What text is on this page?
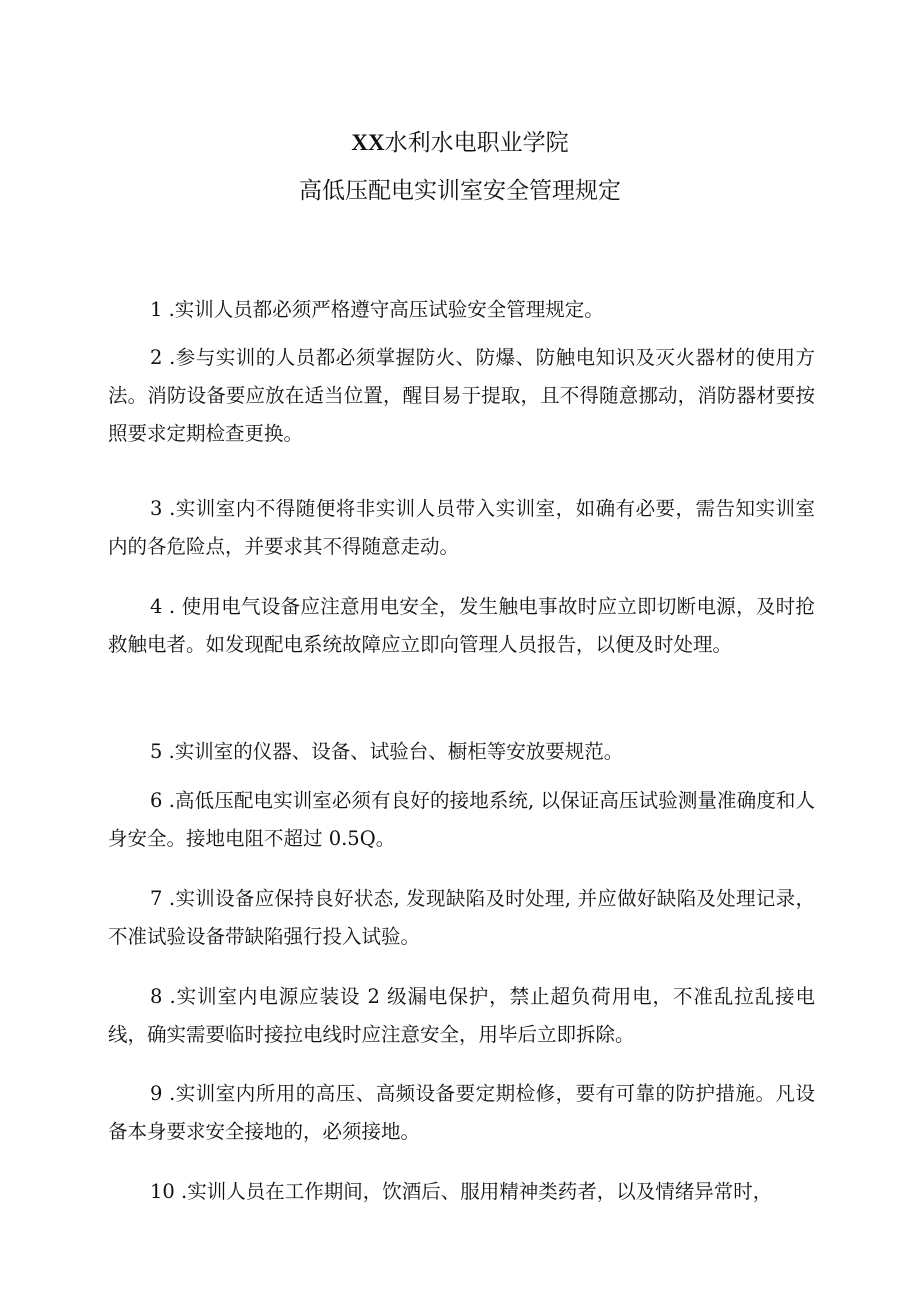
XX水利水电职业学院
高低压配电实训室安全管理规定

1 .实训人员都必须严格遵守高压试验安全管理规定。

2 .参与实训的人员都必须掌握防火、防爆、防触电知识及灭火器材的使用方法。消防设备要应放在适当位置，醒目易于提取，且不得随意挪动，消防器材要按照要求定期检查更换。

3 .实训室内不得随便将非实训人员带入实训室，如确有必要，需告知实训室内的各危险点，并要求其不得随意走动。

4 . 使用电气设备应注意用电安全，发生触电事故时应立即切断电源，及时抢救触电者。如发现配电系统故障应立即向管理人员报告，以便及时处理。

5 .实训室的仪器、设备、试验台、橱柜等安放要规范。

6 .高低压配电实训室必须有良好的接地系统, 以保证高压试验测量准确度和人身安全。接地电阻不超过 0.5Q。

7 .实训设备应保持良好状态, 发现缺陷及时处理, 并应做好缺陷及处理记录，不准试验设备带缺陷强行投入试验。

8 .实训室内电源应装设 2 级漏电保护，禁止超负荷用电，不准乱拉乱接电线，确实需要临时接拉电线时应注意安全，用毕后立即拆除。

9 .实训室内所用的高压、高频设备要定期检修，要有可靠的防护措施。凡设备本身要求安全接地的，必须接地。

10 .实训人员在工作期间，饮酒后、服用精神类药者，以及情绪异常时，
